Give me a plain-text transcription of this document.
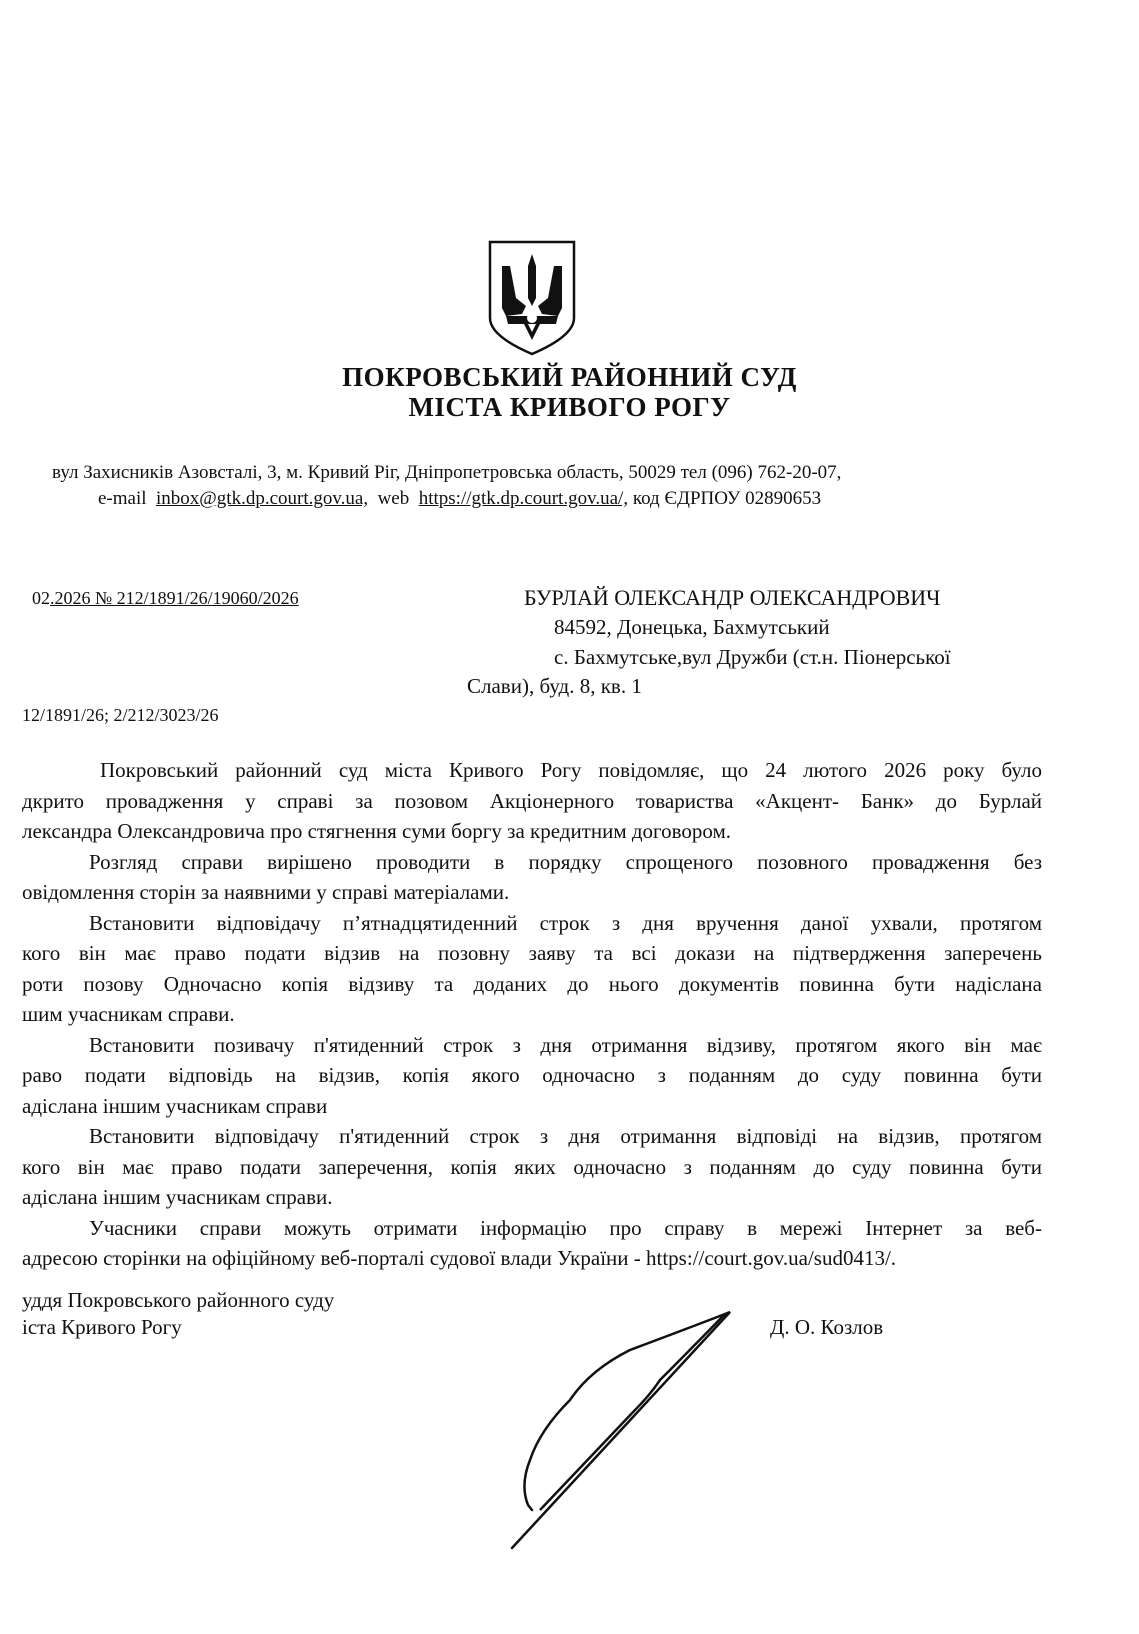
ПОКРОВСЬКИЙ РАЙОННИЙ СУД
МІСТА КРИВОГО РОГУ
вул Захисників Азовсталі, 3, м. Кривий Ріг, Дніпропетровська область, 50029 тел (096) 762-20-07,
e-mail inbox@gtk.dp.court.gov.ua, web https://gtk.dp.court.gov.ua/, код ЄДРПОУ 02890653
02.2026 № 212/1891/26/19060/2026
12/1891/26; 2/212/3023/26
БУРЛАЙ ОЛЕКСАНДР ОЛЕКСАНДРОВИЧ
84592, Донецька, Бахмутський
с. Бахмутське,вул Дружби (ст.н. Піонерської
Слави), буд. 8, кв. 1
Покровський районний суд міста Кривого Рогу повідомляє, що 24 лютого 2026 року було
дкрито провадження у справі за позовом Акціонерного товариства «Акцент- Банк» до Бурлай
лександра Олександровича про стягнення суми боргу за кредитним договором.
Розгляд справи вирішено проводити в порядку спрощеного позовного провадження без
овідомлення сторін за наявними у справі матеріалами.
Встановити відповідачу п’ятнадцятиденний строк з дня вручення даної ухвали, протягом
кого він має право подати відзив на позовну заяву та всі докази на підтвердження заперечень
роти позову Одночасно копія відзиву та доданих до нього документів повинна бути надіслана
шим учасникам справи.
Встановити позивачу п'ятиденний строк з дня отримання відзиву, протягом якого він має
раво подати відповідь на відзив, копія якого одночасно з поданням до суду повинна бути
адіслана іншим учасникам справи
Встановити відповідачу п'ятиденний строк з дня отримання відповіді на відзив, протягом
кого він має право подати заперечення, копія яких одночасно з поданням до суду повинна бути
адіслана іншим учасникам справи.
Учасники справи можуть отримати інформацію про справу в мережі Інтернет за веб-
адресою сторінки на офіційному веб-порталі судової влади України - https://court.gov.ua/sud0413/.
уддя Покровського районного суду
іста Кривого Рогу	Д. О. Козлов
